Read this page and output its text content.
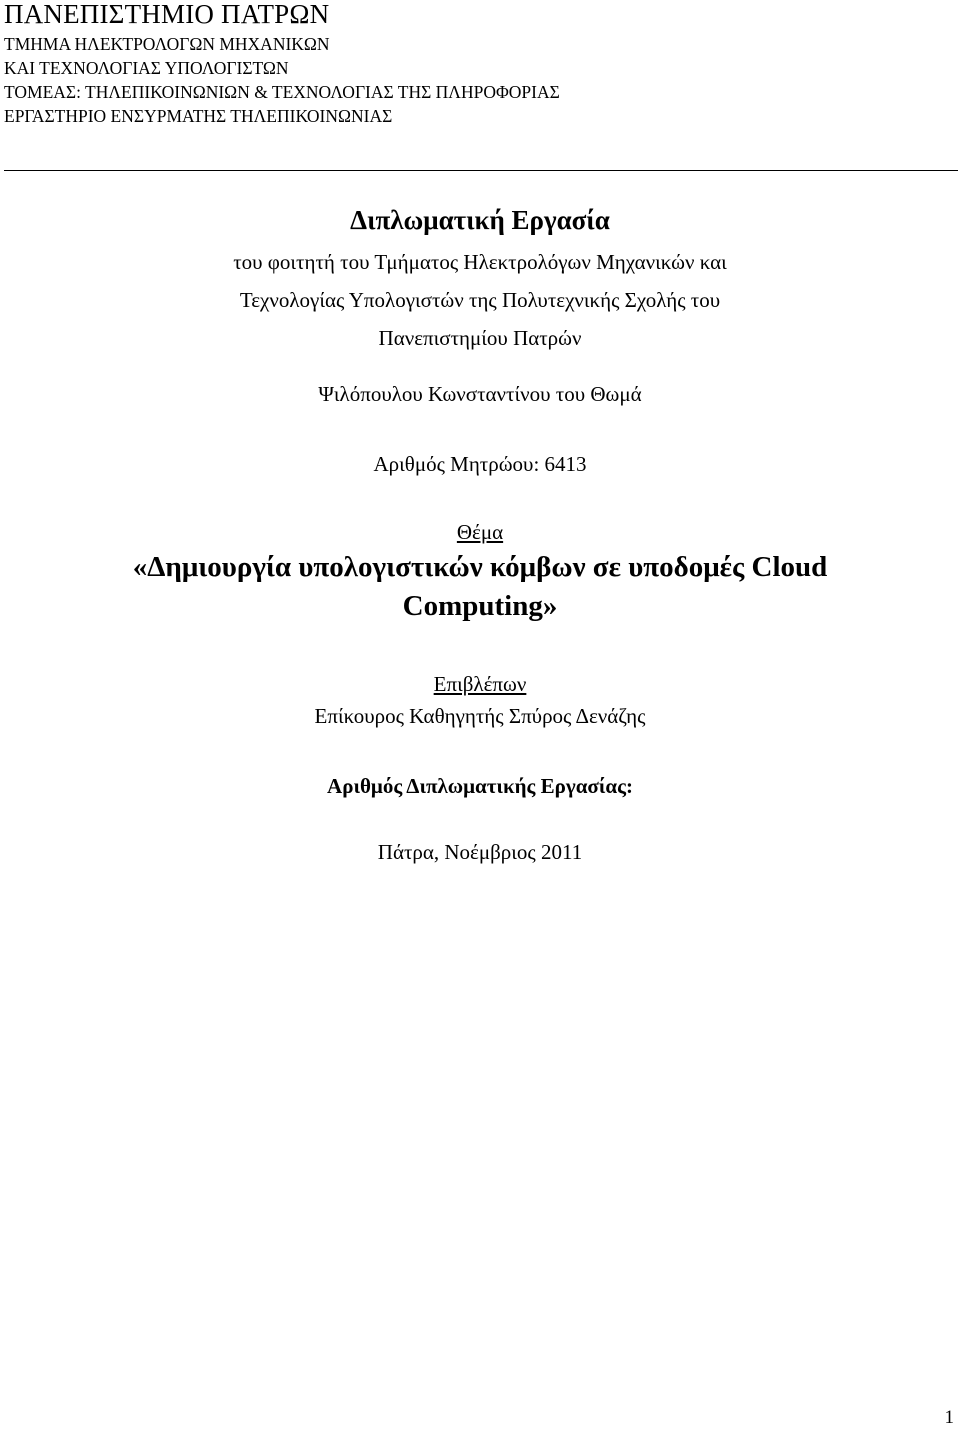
ΠΑΝΕΠΙΣΤΗΜΙΟ ΠΑΤΡΩΝ

ΤΜΗΜΑ ΗΛΕΚΤΡΟΛΟΓΩΝ ΜΗΧΑΝΙΚΩΝ

ΚΑΙ ΤΕΧΝΟΛΟΓΙΑΣ ΥΠΟΛΟΓΙΣΤΩΝ

ΤΟΜΕΑΣ: ΤΗΛΕΠΙΚΟΙΝΩΝΙΩΝ & ΤΕΧΝΟΛΟΓΙΑΣ ΤΗΣ ΠΛΗΡΟΦΟΡΙΑΣ

ΕΡΓΑΣΤΗΡΙΟ ΕΝΣΥΡΜΑΤΗΣ ΤΗΛΕΠΙΚΟΙΝΩΝΙΑΣ

Διπλωματική Εργασία
του φοιτητή του Τμήματος Ηλεκτρολόγων Μηχανικών και
Τεχνολογίας Υπολογιστών της Πολυτεχνικής Σχολής του
Πανεπιστημίου Πατρών
Ψιλόπουλου Κωνσταντίνου του Θωμά
Αριθμός Μητρώου: 6413
Θέμα
«Δημιουργία υπολογιστικών κόμβων σε υποδομές Cloud
Computing»
Επιβλέπων
Επίκουρος Καθηγητής Σπύρος Δενάζης
Αριθμός Διπλωματικής Εργασίας:
Πάτρα, Νοέμβριος 2011
1
